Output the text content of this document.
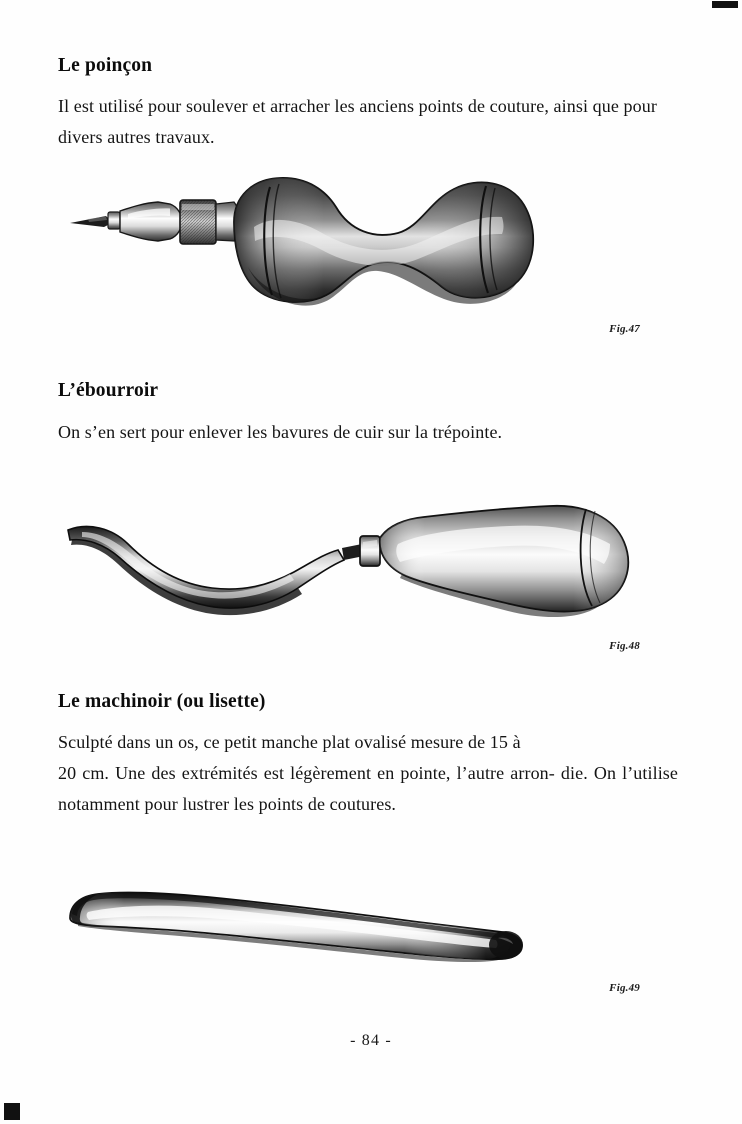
Le poinçon

Il est utilisé pour soulever et arracher les anciens points de couture, ainsi que pour divers autres travaux.

Fig.47
L’ébourroir

On s’en sert pour enlever les bavures de cuir sur la trépointe.

Fig.48
Le machinoir (ou lisette)

Sculpté dans un os, ce petit manche plat ovalisé mesure de 15 à
20 cm. Une des extrémités est légèrement en pointe, l’autre arron- die. On l’utilise notamment pour lustrer les points de coutures.

Fig.49
- 84 -
